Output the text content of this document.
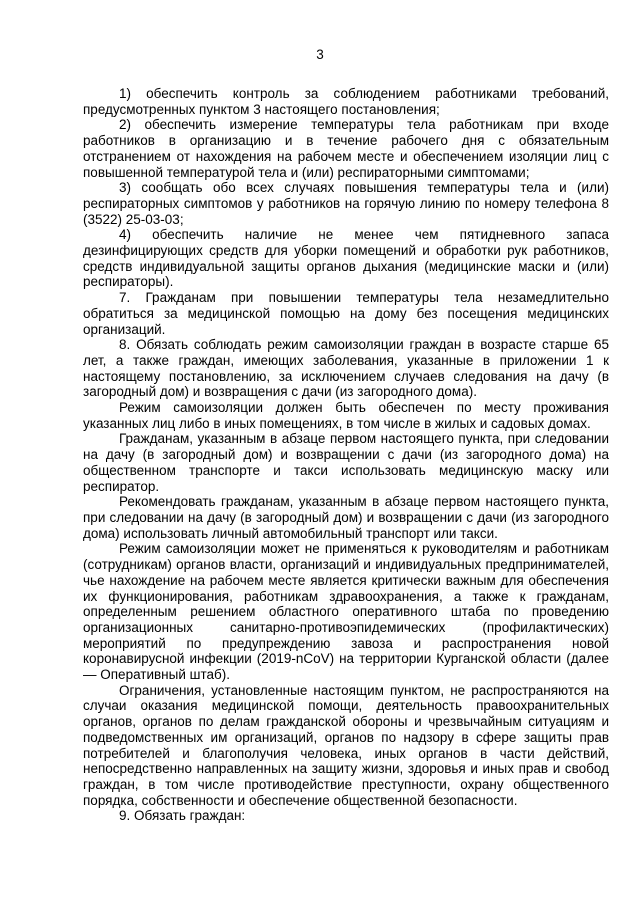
3

1) обеспечить контроль за соблюдением работниками требований, предусмотренных пунктом 3 настоящего постановления;

2) обеспечить измерение температуры тела работникам при входе работников в организацию и в течение рабочего дня с обязательным отстранением от нахождения на рабочем месте и обеспечением изоляции лиц с повышенной температурой тела и (или) респираторными симптомами;

3) сообщать обо всех случаях повышения температуры тела и (или) респираторных симптомов у работников на горячую линию по номеру телефона 8 (3522) 25-03-03;

4) обеспечить наличие не менее чем пятидневного запаса дезинфицирующих средств для уборки помещений и обработки рук работников, средств индивидуальной защиты органов дыхания (медицинские маски и (или) респираторы).

7. Гражданам при повышении температуры тела незамедлительно обратиться за медицинской помощью на дому без посещения медицинских организаций.

8. Обязать соблюдать режим самоизоляции граждан в возрасте старше 65 лет, а также граждан, имеющих заболевания, указанные в приложении 1 к настоящему постановлению, за исключением случаев следования на дачу (в загородный дом) и возвращения с дачи (из загородного дома).

Режим самоизоляции должен быть обеспечен по месту проживания указанных лиц либо в иных помещениях, в том числе в жилых и садовых домах.

Гражданам, указанным в абзаце первом настоящего пункта, при следовании на дачу (в загородный дом) и возвращении с дачи (из загородного дома) на общественном транспорте и такси использовать медицинскую маску или респиратор.

Рекомендовать гражданам, указанным в абзаце первом настоящего пункта, при следовании на дачу (в загородный дом) и возвращении с дачи (из загородного дома) использовать личный автомобильный транспорт или такси.

Режим самоизоляции может не применяться к руководителям и работникам (сотрудникам) органов власти, организаций и индивидуальных предпринимателей, чье нахождение на рабочем месте является критически важным для обеспечения их функционирования, работникам здравоохранения, а также к гражданам, определенным решением областного оперативного штаба по проведению организационных санитарно-противоэпидемических (профилактических) мероприятий по предупреждению завоза и распространения новой коронавирусной инфекции (2019-nCoV) на территории Курганской области (далее — Оперативный штаб).

Ограничения, установленные настоящим пунктом, не распространяются на случаи оказания медицинской помощи, деятельность правоохранительных органов, органов по делам гражданской обороны и чрезвычайным ситуациям и подведомственных им организаций, органов по надзору в сфере защиты прав потребителей и благополучия человека, иных органов в части действий, непосредственно направленных на защиту жизни, здоровья и иных прав и свобод граждан, в том числе противодействие преступности, охрану общественного порядка, собственности и обеспечение общественной безопасности.

9. Обязать граждан:
